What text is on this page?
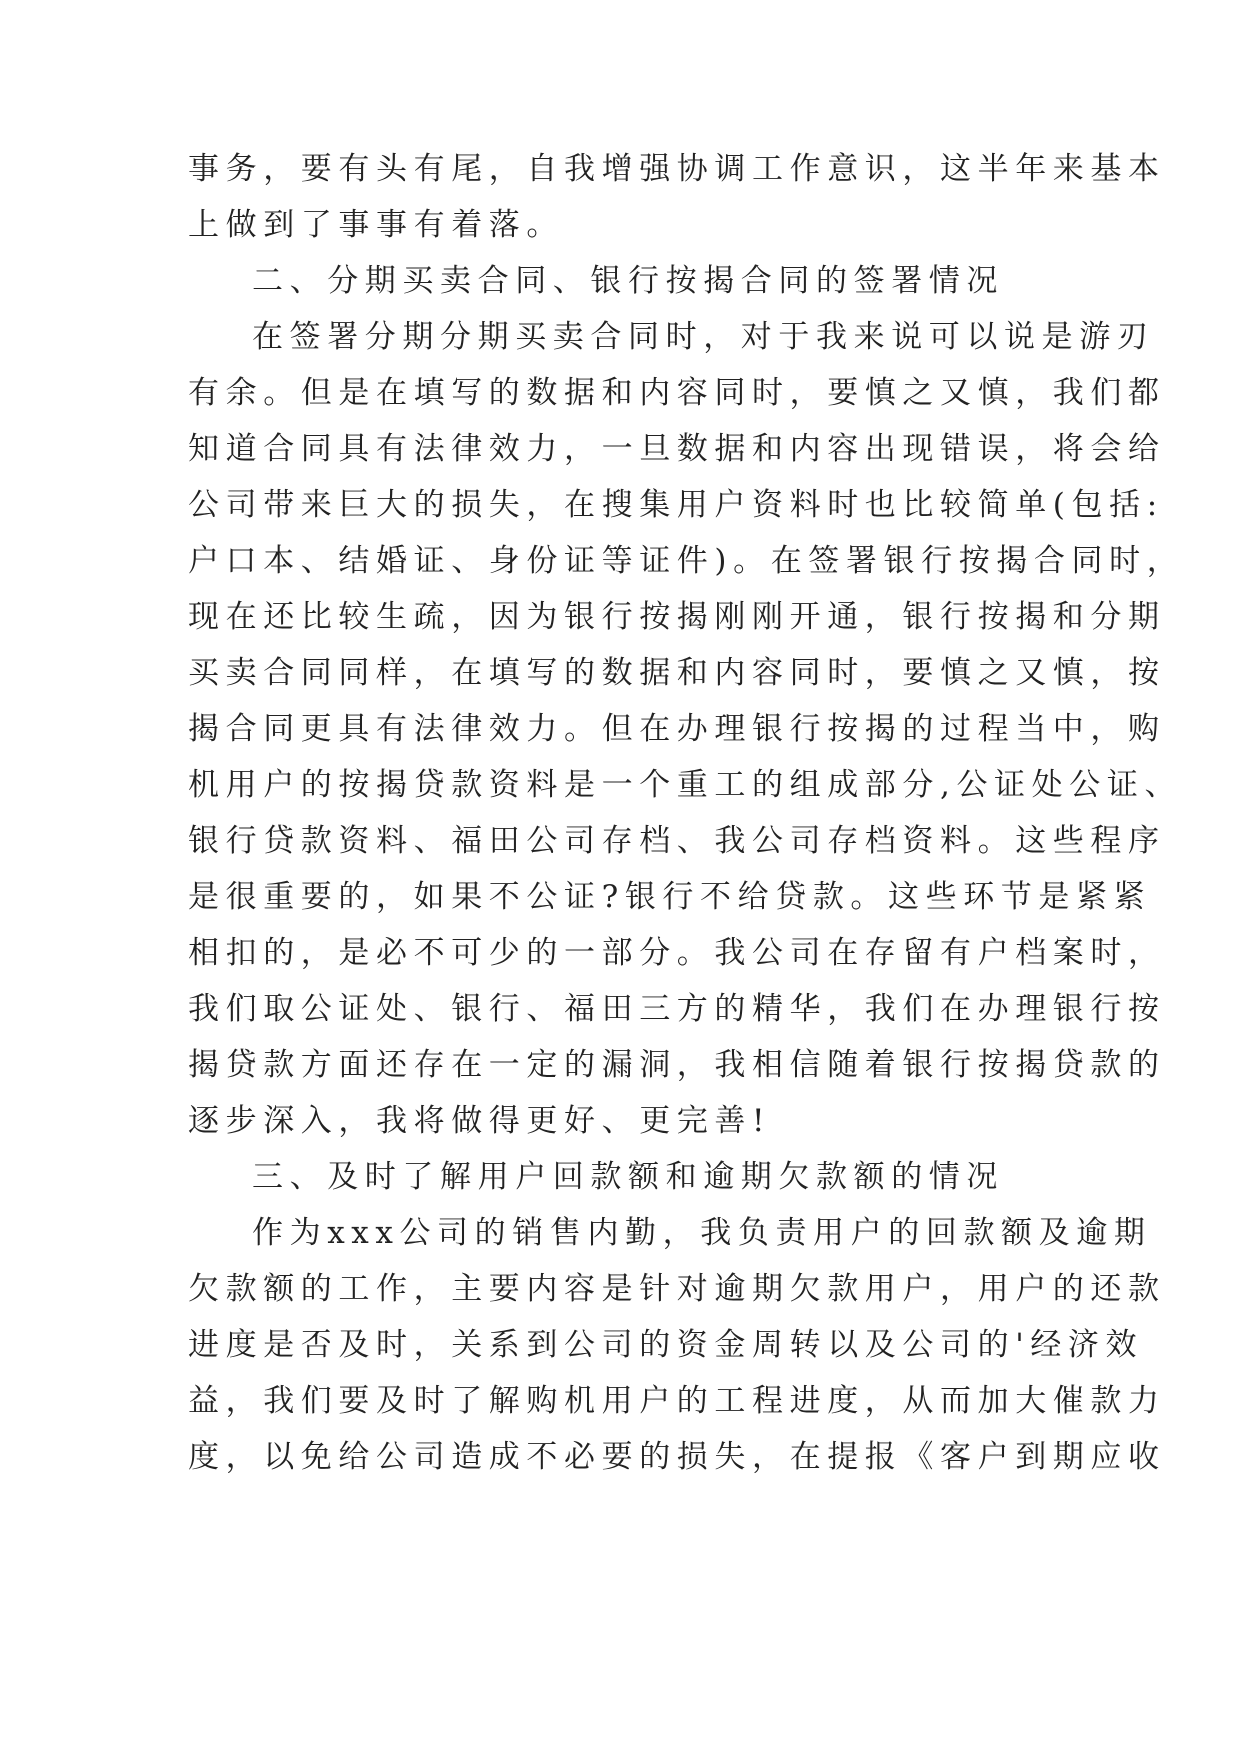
事务，要有头有尾，自我增强协调工作意识，这半年来基本
上做到了事事有着落。
二、分期买卖合同、银行按揭合同的签署情况
在签署分期分期买卖合同时，对于我来说可以说是游刃
有余。但是在填写的数据和内容同时，要慎之又慎，我们都
知道合同具有法律效力，一旦数据和内容出现错误，将会给
公司带来巨大的损失，在搜集用户资料时也比较简单(包括:
户口本、结婚证、身份证等证件)。在签署银行按揭合同时，
现在还比较生疏，因为银行按揭刚刚开通，银行按揭和分期
买卖合同同样，在填写的数据和内容同时，要慎之又慎，按
揭合同更具有法律效力。但在办理银行按揭的过程当中，购
机用户的按揭贷款资料是一个重工的组成部分,公证处公证、
银行贷款资料、福田公司存档、我公司存档资料。这些程序
是很重要的，如果不公证?银行不给贷款。这些环节是紧紧
相扣的，是必不可少的一部分。我公司在存留有户档案时，
我们取公证处、银行、福田三方的精华，我们在办理银行按
揭贷款方面还存在一定的漏洞，我相信随着银行按揭贷款的
逐步深入，我将做得更好、更完善!
三、及时了解用户回款额和逾期欠款额的情况
作为xxx公司的销售内勤，我负责用户的回款额及逾期
欠款额的工作，主要内容是针对逾期欠款用户，用户的还款
进度是否及时，关系到公司的资金周转以及公司的'经济效
益，我们要及时了解购机用户的工程进度，从而加大催款力
度，以免给公司造成不必要的损失，在提报《客户到期应收
